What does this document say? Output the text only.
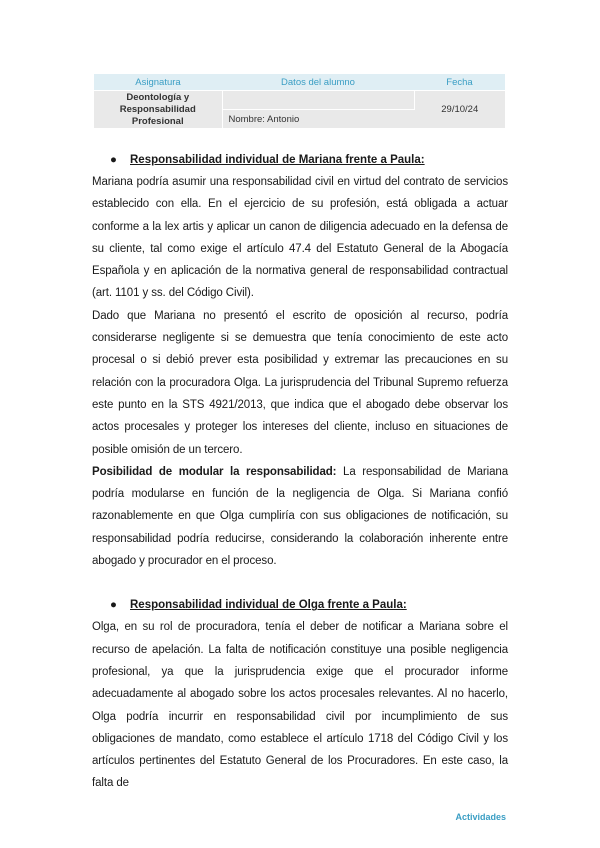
Asignatura	Datos del alumno	Fecha
Deontología y Responsabilidad Profesional		29/10/24
	Nombre: Antonio	
● Responsabilidad individual de Mariana frente a Paula:

Mariana podría asumir una responsabilidad civil en virtud del contrato de servicios establecido con ella. En el ejercicio de su profesión, está obligada a actuar conforme a la lex artis y aplicar un canon de diligencia adecuado en la defensa de su cliente, tal como exige el artículo 47.4 del Estatuto General de la Abogacía Española y en aplicación de la normativa general de responsabilidad contractual (art. 1101 y ss. del Código Civil).

Dado que Mariana no presentó el escrito de oposición al recurso, podría considerarse negligente si se demuestra que tenía conocimiento de este acto procesal o si debió prever esta posibilidad y extremar las precauciones en su relación con la procuradora Olga. La jurisprudencia del Tribunal Supremo refuerza este punto en la STS 4921/2013, que indica que el abogado debe observar los actos procesales y proteger los intereses del cliente, incluso en situaciones de posible omisión de un tercero.

Posibilidad de modular la responsabilidad: La responsabilidad de Mariana podría modularse en función de la negligencia de Olga. Si Mariana confió razonablemente en que Olga cumpliría con sus obligaciones de notificación, su responsabilidad podría reducirse, considerando la colaboración inherente entre abogado y procurador en el proceso.

● Responsabilidad individual de Olga frente a Paula:

Olga, en su rol de procuradora, tenía el deber de notificar a Mariana sobre el recurso de apelación. La falta de notificación constituye una posible negligencia profesional, ya que la jurisprudencia exige que el procurador informe adecuadamente al abogado sobre los actos procesales relevantes. Al no hacerlo, Olga podría incurrir en responsabilidad civil por incumplimiento de sus obligaciones de mandato, como establece el artículo 1718 del Código Civil y los artículos pertinentes del Estatuto General de los Procuradores. En este caso, la falta de

Actividades
